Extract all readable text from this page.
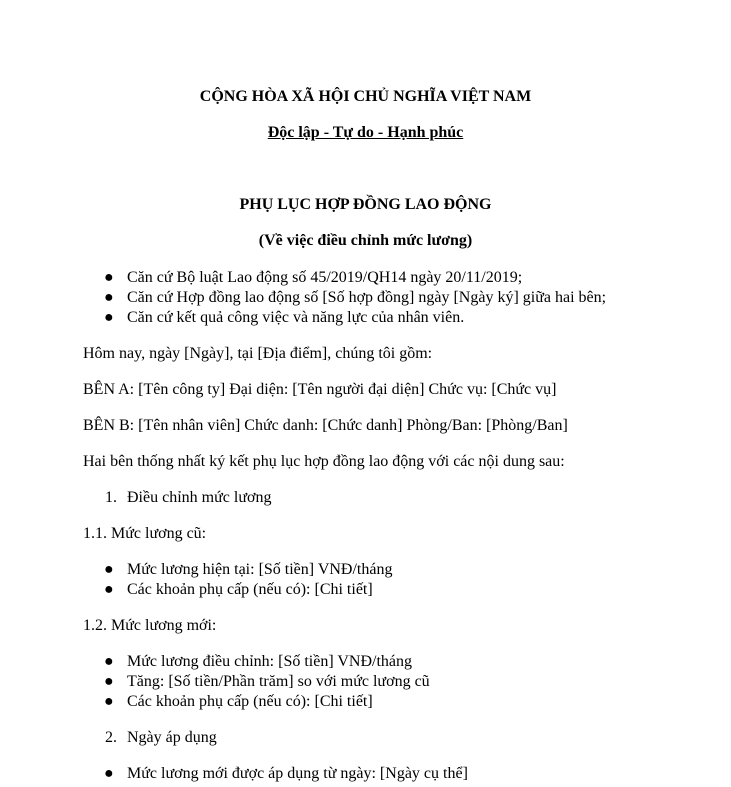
CỘNG HÒA XÃ HỘI CHỦ NGHĨA VIỆT NAM
Độc lập - Tự do - Hạnh phúc
PHỤ LỤC HỢP ĐỒNG LAO ĐỘNG
(Về việc điều chỉnh mức lương)
● Căn cứ Bộ luật Lao động số 45/2019/QH14 ngày 20/11/2019;
● Căn cứ Hợp đồng lao động số [Số hợp đồng] ngày [Ngày ký] giữa hai bên;
● Căn cứ kết quả công việc và năng lực của nhân viên.
Hôm nay, ngày [Ngày], tại [Địa điểm], chúng tôi gồm:
BÊN A: [Tên công ty] Đại diện: [Tên người đại diện] Chức vụ: [Chức vụ]
BÊN B: [Tên nhân viên] Chức danh: [Chức danh] Phòng/Ban: [Phòng/Ban]
Hai bên thống nhất ký kết phụ lục hợp đồng lao động với các nội dung sau:
1. Điều chỉnh mức lương
1.1. Mức lương cũ:
● Mức lương hiện tại: [Số tiền] VNĐ/tháng
● Các khoản phụ cấp (nếu có): [Chi tiết]
1.2. Mức lương mới:
● Mức lương điều chỉnh: [Số tiền] VNĐ/tháng
● Tăng: [Số tiền/Phần trăm] so với mức lương cũ
● Các khoản phụ cấp (nếu có): [Chi tiết]
2. Ngày áp dụng
● Mức lương mới được áp dụng từ ngày: [Ngày cụ thể]
